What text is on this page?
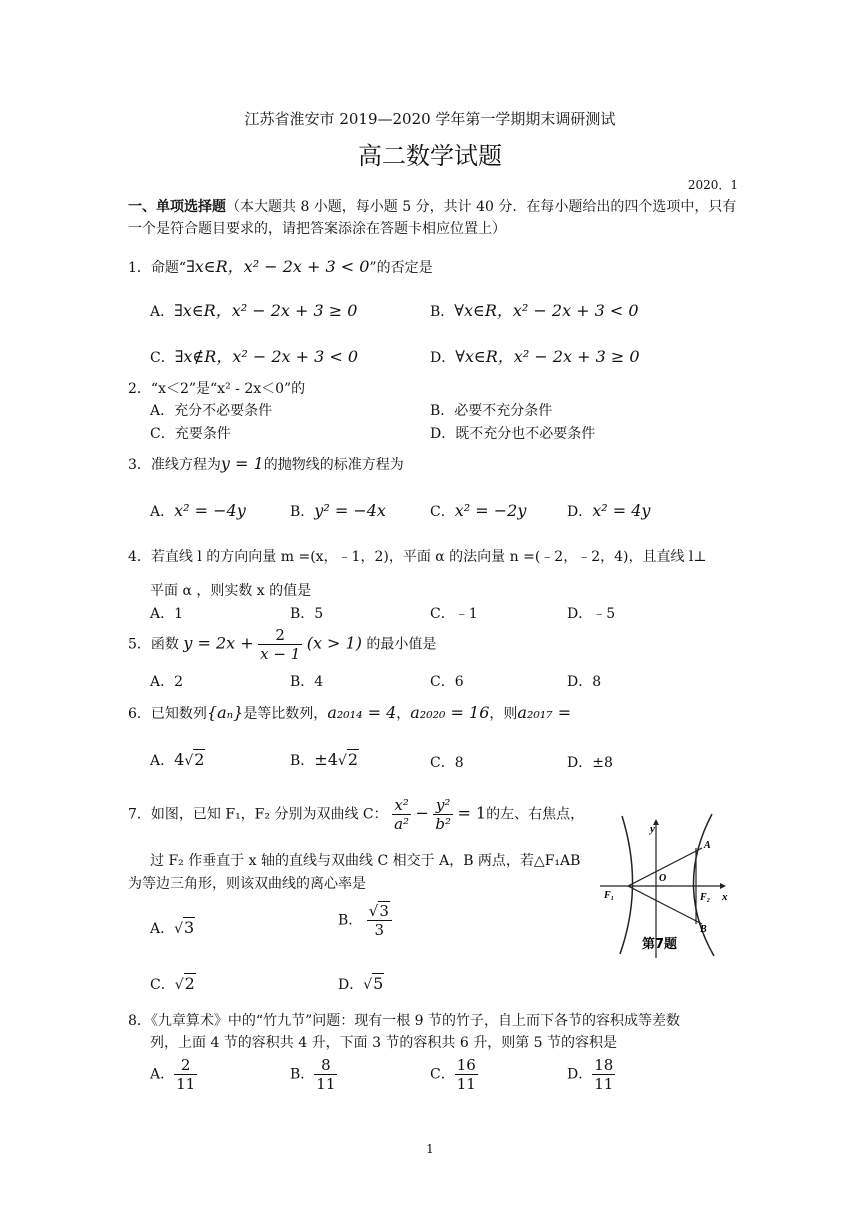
江苏省淮安市 2019—2020 学年第一学期期末调研测试
高二数学试题
2020．1
一、单项选择题（本大题共 8 小题，每小题 5 分，共计 40 分．在每小题给出的四个选项中，只有一个是符合题目要求的，请把答案添涂在答题卡相应位置上）
1．命题“∃x∈R，x² − 2x + 3 < 0”的否定是
A．∃x∈R，x² − 2x + 3 ≥ 0	B．∀x∈R，x² − 2x + 3 < 0
C．∃x∉R，x² − 2x + 3 < 0	D．∀x∈R，x² − 2x + 3 ≥ 0
2．“x＜2”是“x² - 2x＜0”的
A．充分不必要条件	B．必要不充分条件
C．充要条件	D．既不充分也不必要条件
3．准线方程为y = 1的抛物线的标准方程为
A．x² = −4y	B．y² = −4x	C．x² = −2y	D．x² = 4y
4．若直线 l 的方向向量 m =(x，﹣1，2)，平面 α 的法向量 n =(﹣2，﹣2，4)，且直线 l⊥
平面 α ，则实数 x 的值是
A．1	B．5	C．﹣1	D．﹣5
5．函数 $y = 2x + \frac{2}{x - 1} (x > 1)$ 的最小值是
A．2	B．4	C．6	D．8
6．已知数列{aₙ}是等比数列，a₂₀₁₄ = 4，a₂₀₂₀ = 16，则a₂₀₁₇ =
A．4√2	B．±4√2	C．8	D．±8
7．如图，已知 F₁，F₂ 分别为双曲线 C： $\frac{\text{x²}}{\text{a²}} - \frac{\text{y²}}{\text{b²}} = 1$的左、右焦点，
过 F₂ 作垂直于 x 轴的直线与双曲线 C 相交于 A，B 两点，若△F₁AB
为等边三角形，则该双曲线的离心率是
A．√3	B． $\frac{√3}{3}$
C．√2	D．√5
y
x
O
F₁	F₂
A
B
第7题
8．《九章算术》中的“竹九节”问题：现有一根 9 节的竹子，自上而下各节的容积成等差数
列，上面 4 节的容积共 4 升，下面 3 节的容积共 6 升，则第 5 节的容积是
A． $\frac{2}{11}$	B． $\frac{8}{11}$	C． $\frac{16}{11}$	D． $\frac{18}{11}$
1
